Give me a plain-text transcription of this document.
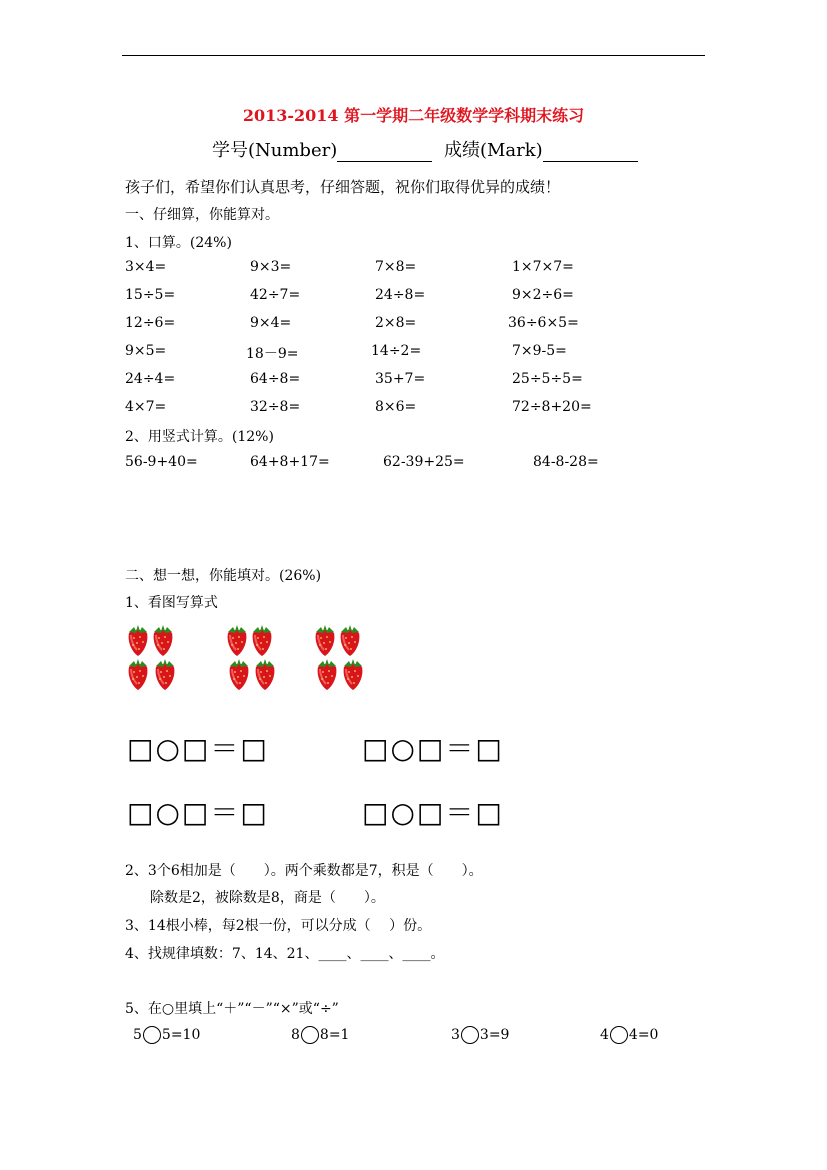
2013-2014 第一学期二年级数学学科期末练习
学号(Number)	成绩(Mark)
孩子们，希望你们认真思考，仔细答题，祝你们取得优异的成绩！
一、仔细算，你能算对。
1、口算。(24%)
3×4=	9×3=	7×8=	1×7×7=
15÷5=	42÷7=	24÷8=	9×2÷6=
12÷6=	9×4=	2×8=	36÷6×5=
9×5=	18－9=	14÷2=	7×9-5=
24÷4=	64÷8=	35+7=	25÷5÷5=
4×7=	32÷8=	8×6=	72÷8+20=
2、用竖式计算。(12%)
56-9+40=	64+8+17=	62-39+25=	84-8-28=
二、想一想，你能填对。(26%)
1、看图写算式
□○□＝□	□○□＝□
□○□＝□	□○□＝□
2、3个6相加是（　　）。两个乘数都是7，积是（　　）。
除数是2，被除数是8，商是（　　）。
3、14根小棒，每2根一份，可以分成（　 ）份。
4、找规律填数：7、14、21、____、____、____。
5、在○里填上“＋”“－”“×”或“÷”
5 5=10	8 8=1	3 3=9	4 4=0
